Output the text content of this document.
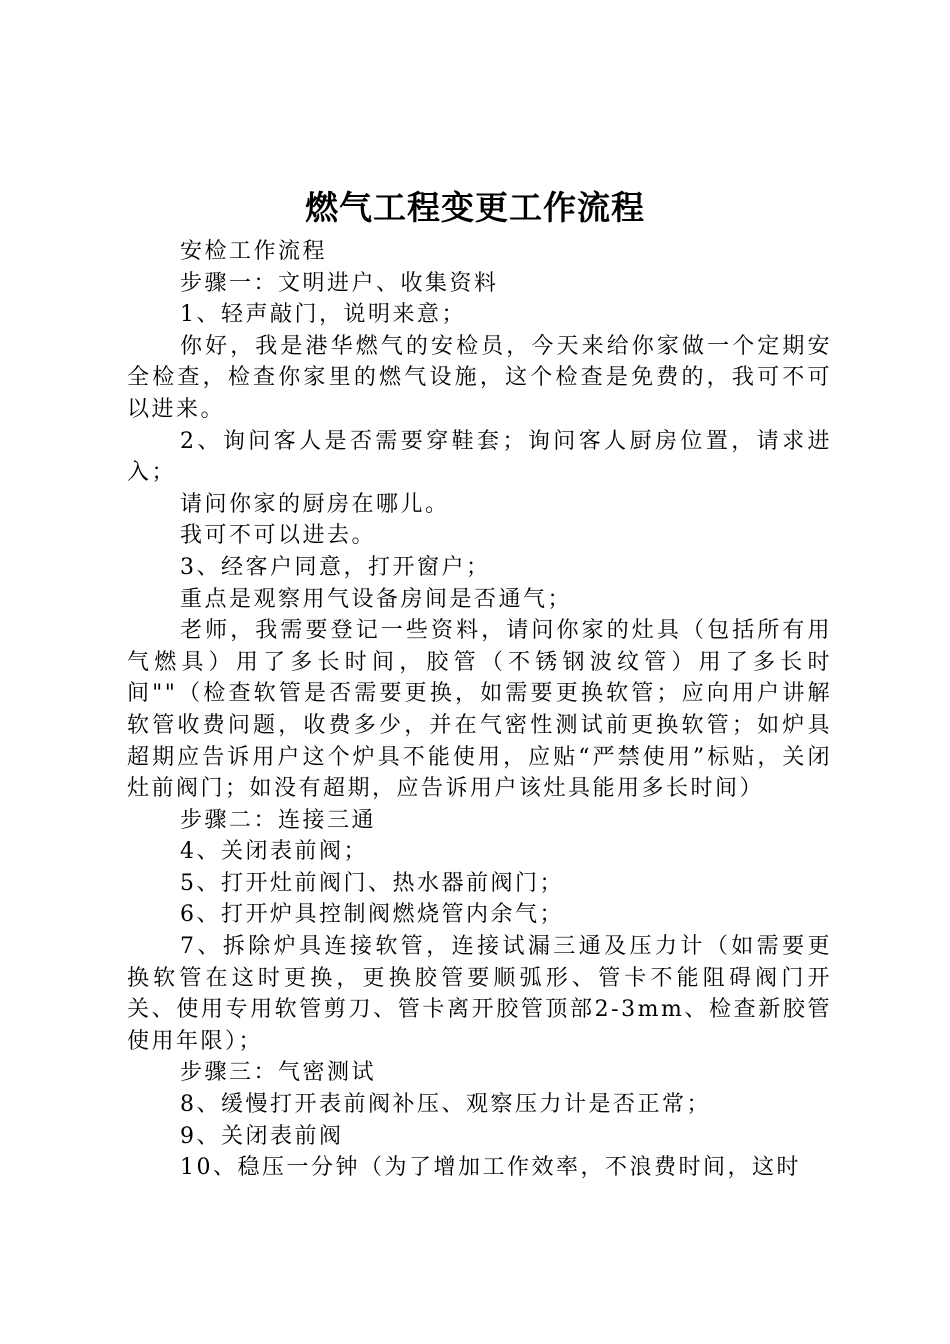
燃气工程变更工作流程

安检工作流程

步骤一：文明进户、收集资料

1、轻声敲门，说明来意；

你好，我是港华燃气的安检员，今天来给你家做一个定期安全检查，检查你家里的燃气设施，这个检查是免费的，我可不可以进来。

2、询问客人是否需要穿鞋套；询问客人厨房位置，请求进入；

请问你家的厨房在哪儿。

我可不可以进去。

3、经客户同意，打开窗户；

重点是观察用气设备房间是否通气；

老师，我需要登记一些资料，请问你家的灶具（包括所有用气燃具）用了多长时间，胶管（不锈钢波纹管）用了多长时间""（检查软管是否需要更换，如需要更换软管；应向用户讲解软管收费问题，收费多少，并在气密性测试前更换软管；如炉具超期应告诉用户这个炉具不能使用，应贴“严禁使用”标贴，关闭灶前阀门；如没有超期，应告诉用户该灶具能用多长时间）

步骤二：连接三通

4、关闭表前阀；

5、打开灶前阀门、热水器前阀门；

6、打开炉具控制阀燃烧管内余气；

7、拆除炉具连接软管，连接试漏三通及压力计（如需要更换软管在这时更换，更换胶管要顺弧形、管卡不能阻碍阀门开关、使用专用软管剪刀、管卡离开胶管顶部2-3mm、检查新胶管使用年限）；

步骤三：气密测试

8、缓慢打开表前阀补压、观察压力计是否正常；

9、关闭表前阀

10、稳压一分钟（为了增加工作效率，不浪费时间，这时
